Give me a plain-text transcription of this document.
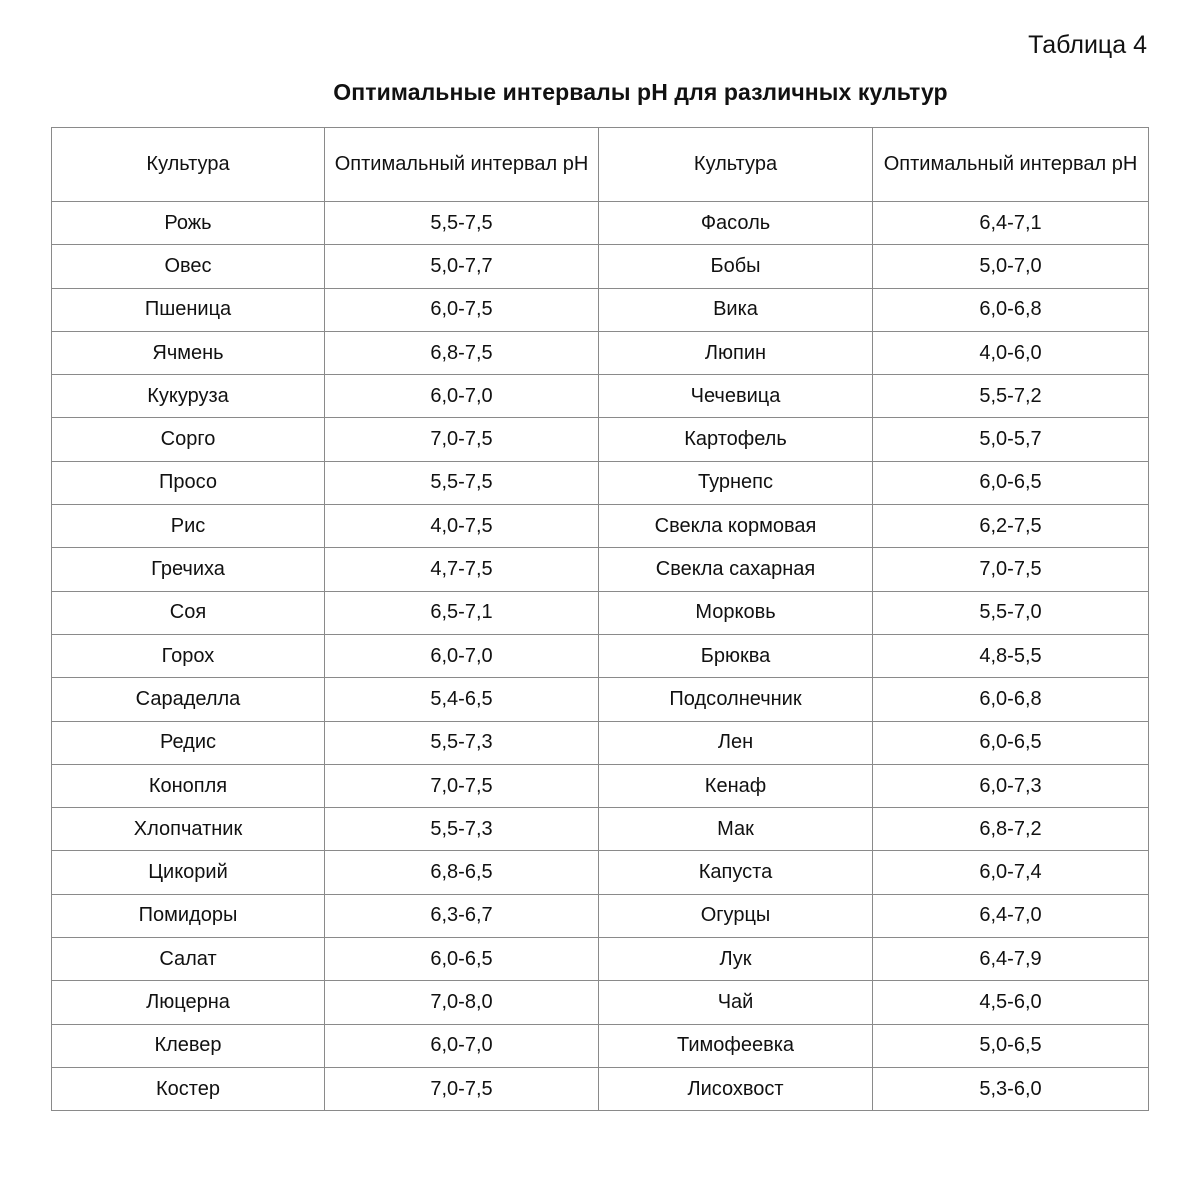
Таблица 4
Оптимальные интервалы pH для различных культур
Культура	Оптимальный интервал pH	Культура	Оптимальный интервал pH
Рожь	5,5-7,5	Фасоль	6,4-7,1
Овес	5,0-7,7	Бобы	5,0-7,0
Пшеница	6,0-7,5	Вика	6,0-6,8
Ячмень	6,8-7,5	Люпин	4,0-6,0
Кукуруза	6,0-7,0	Чечевица	5,5-7,2
Сорго	7,0-7,5	Картофель	5,0-5,7
Просо	5,5-7,5	Турнепс	6,0-6,5
Рис	4,0-7,5	Свекла кормовая	6,2-7,5
Гречиха	4,7-7,5	Свекла сахарная	7,0-7,5
Соя	6,5-7,1	Морковь	5,5-7,0
Горох	6,0-7,0	Брюква	4,8-5,5
Сараделла	5,4-6,5	Подсолнечник	6,0-6,8
Редис	5,5-7,3	Лен	6,0-6,5
Конопля	7,0-7,5	Кенаф	6,0-7,3
Хлопчатник	5,5-7,3	Мак	6,8-7,2
Цикорий	6,8-6,5	Капуста	6,0-7,4
Помидоры	6,3-6,7	Огурцы	6,4-7,0
Салат	6,0-6,5	Лук	6,4-7,9
Люцерна	7,0-8,0	Чай	4,5-6,0
Клевер	6,0-7,0	Тимофеевка	5,0-6,5
Костер	7,0-7,5	Лисохвост	5,3-6,0
